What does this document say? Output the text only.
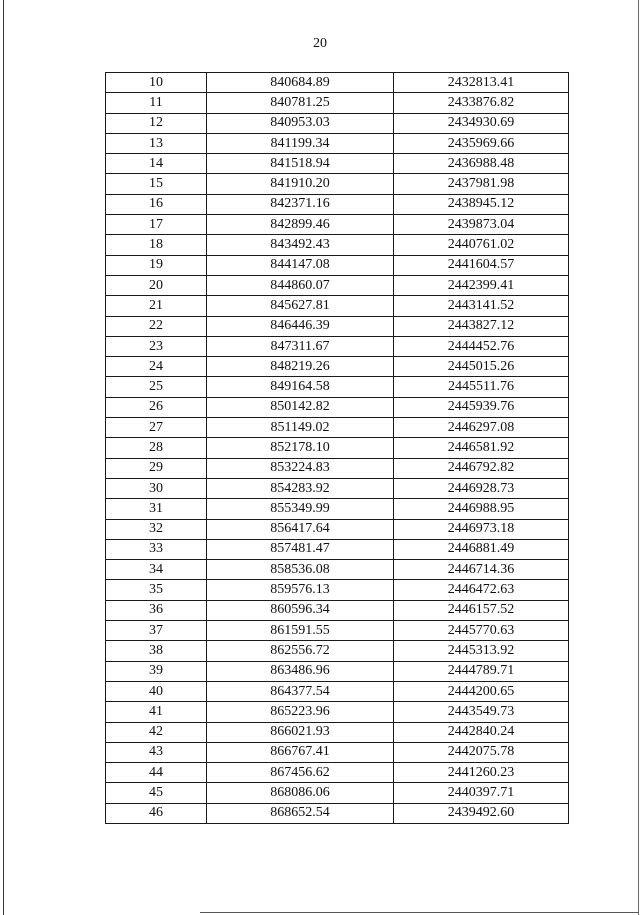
20
10	840684.89	2432813.41
11	840781.25	2433876.82
12	840953.03	2434930.69
13	841199.34	2435969.66
14	841518.94	2436988.48
15	841910.20	2437981.98
16	842371.16	2438945.12
17	842899.46	2439873.04
18	843492.43	2440761.02
19	844147.08	2441604.57
20	844860.07	2442399.41
21	845627.81	2443141.52
22	846446.39	2443827.12
23	847311.67	2444452.76
24	848219.26	2445015.26
25	849164.58	2445511.76
26	850142.82	2445939.76
27	851149.02	2446297.08
28	852178.10	2446581.92
29	853224.83	2446792.82
30	854283.92	2446928.73
31	855349.99	2446988.95
32	856417.64	2446973.18
33	857481.47	2446881.49
34	858536.08	2446714.36
35	859576.13	2446472.63
36	860596.34	2446157.52
37	861591.55	2445770.63
38	862556.72	2445313.92
39	863486.96	2444789.71
40	864377.54	2444200.65
41	865223.96	2443549.73
42	866021.93	2442840.24
43	866767.41	2442075.78
44	867456.62	2441260.23
45	868086.06	2440397.71
46	868652.54	2439492.60
